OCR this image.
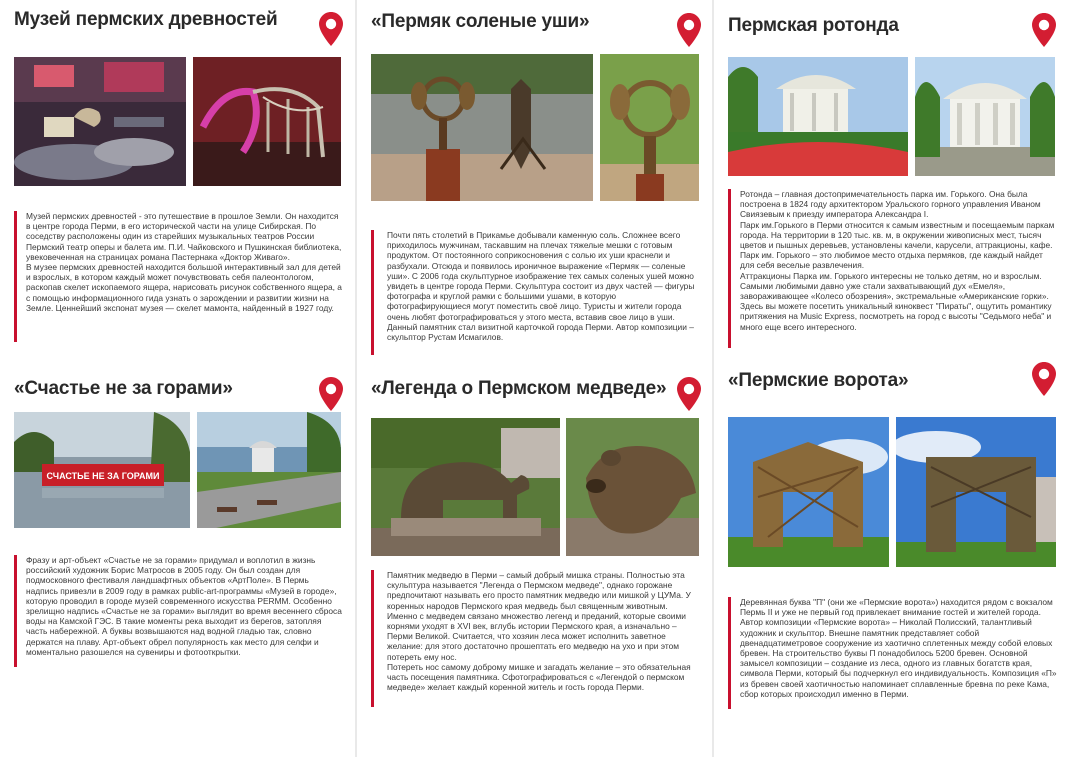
Музей пермских древностей

Музей пермских древностей - это путешествие в прошлое Земли. Он находится в центре города Перми, в его исторической части на улице Сибирская. По соседству расположены один из старейших музыкальных театров России Пермский театр оперы и балета им. П.И. Чайковского и Пушкинская библиотека, увековеченная на страницах романа Пастернака «Доктор Живаго».

В музее пермских древностей находится большой интерактивный зал для детей и взрослых, в котором каждый может почувствовать себя палеонтологом, раскопав скелет ископаемого ящера, нарисовать рисунок собственного ящера, а с помощью информационного гида узнать о зарождении и развитии жизни на Земле. Ценнейший экспонат музея — скелет мамонта, найденный в 1927 году.

«Счастье не за горами»
СЧАСТЬЕ НЕ ЗА ГОРАМИ

Фразу и арт-объект «Счастье не за горами» придумал и воплотил в жизнь российский художник Борис Матросов в 2005 году. Он был создан для подмосковного фестиваля ландшафтных объектов «АртПоле». В Пермь надпись привезли в 2009 году в рамках public-art-программы «Музей в городе», которую проводил в городе музей современного искусства PERMM. Особенно зрелищно надпись «Счастье не за горами» выглядит во время весеннего сброса воды на Камской ГЭС. В такие моменты река выходит из берегов, затопляя часть набережной. А буквы возвышаются над водной гладью так, словно держатся на плаву. Арт-объект обрел популярность как место для селфи и моментально разошелся на сувениры и фотооткрытки.

«Пермяк соленые уши»

Почти пять столетий в Прикамье добывали каменную соль. Сложнее всего приходилось мужчинам, таскавшим на плечах тяжелые мешки с готовым продуктом. От постоянного соприкосновения с солью их уши краснели и разбухали. Отсюда и появилось ироничное выражение «Пермяк — соленые уши». С 2006 года скульптурное изображение тех самых соленых ушей можно увидеть в центре города Перми. Скульптура состоит из двух частей — фигуры фотографа и круглой рамки с большими ушами, в которую фотографирующиеся могут поместить своё лицо. Туристы и жители города очень любят фотографироваться у этого места, вставив свое лицо в уши. Данный памятник стал визитной карточкой города Перми. Автор композиции – скульптор Рустам Исмагилов.

«Легенда о Пермском медведе»

Памятник медведю в Перми – самый добрый мишка страны. Полностью эта скульптура называется "Легенда о Пермском медведе", однако горожане предпочитают называть его просто памятник медведю или мишкой у ЦУМа. У коренных народов Пермского края медведь был священным животным. Именно с медведем связано множество легенд и преданий, которые своими корнями уходят в XVI век, вглубь истории Пермского края, а изначально – Перми Великой. Считается, что хозяин леса может исполнить заветное желание: для этого достаточно прошептать его медведю на ухо и при этом потереть ему нос.

Потереть нос самому доброму мишке и загадать желание – это обязательная часть посещения памятника. Сфотографироваться с «Легендой о пермском медведе» желает каждый коренной житель и гость города Перми.

Пермская ротонда

Ротонда – главная достопримечательность парка им. Горького. Она была построена в 1824 году архитектором Уральского горного управления Иваном Свиязевым к приезду императора Александра I.

Парк им.Горького в Перми относится к самым известным и посещаемым паркам города. На территории в 120 тыс. кв. м, в окружении живописных мест, тысяч цветов и пышных деревьев, установлены качели, карусели, аттракционы, кафе. Парк им. Горького – это любимое место отдыха пермяков, где каждый найдет для себя веселые развлечения.

Аттракционы Парка им. Горького интересны не только детям, но и взрослым. Самыми любимыми давно уже стали захватывающий дух «Емеля», завораживающее «Колесо обозрения», экстремальные «Американские горки». Здесь вы можете посетить уникальный киноквест "Пираты", ощутить романтику притяжения на Music Express, посмотреть на город с высоты "Седьмого неба" и много еще всего интересного.

«Пермские ворота»

Деревянная буква "П" (они же «Пермские ворота») находится рядом с вокзалом Пермь II и уже не первый год привлекает внимание гостей и жителей города. Автор композиции «Пермские ворота» – Николай Полисский, талантливый художник и скульптор. Внешне памятник представляет собой двенадцатиметровое сооружение из хаотично сплетенных между собой еловых бревен. На строительство буквы П понадобилось 5200 бревен. Основной замысел композиции – создание из леса, одного из главных богатств края, символа Перми, который бы подчеркнул его индивидуальность. Композиция «П» из бревен своей хаотичностью напоминает сплавленные бревна по реке Кама, сбор которых происходил именно в Перми.
